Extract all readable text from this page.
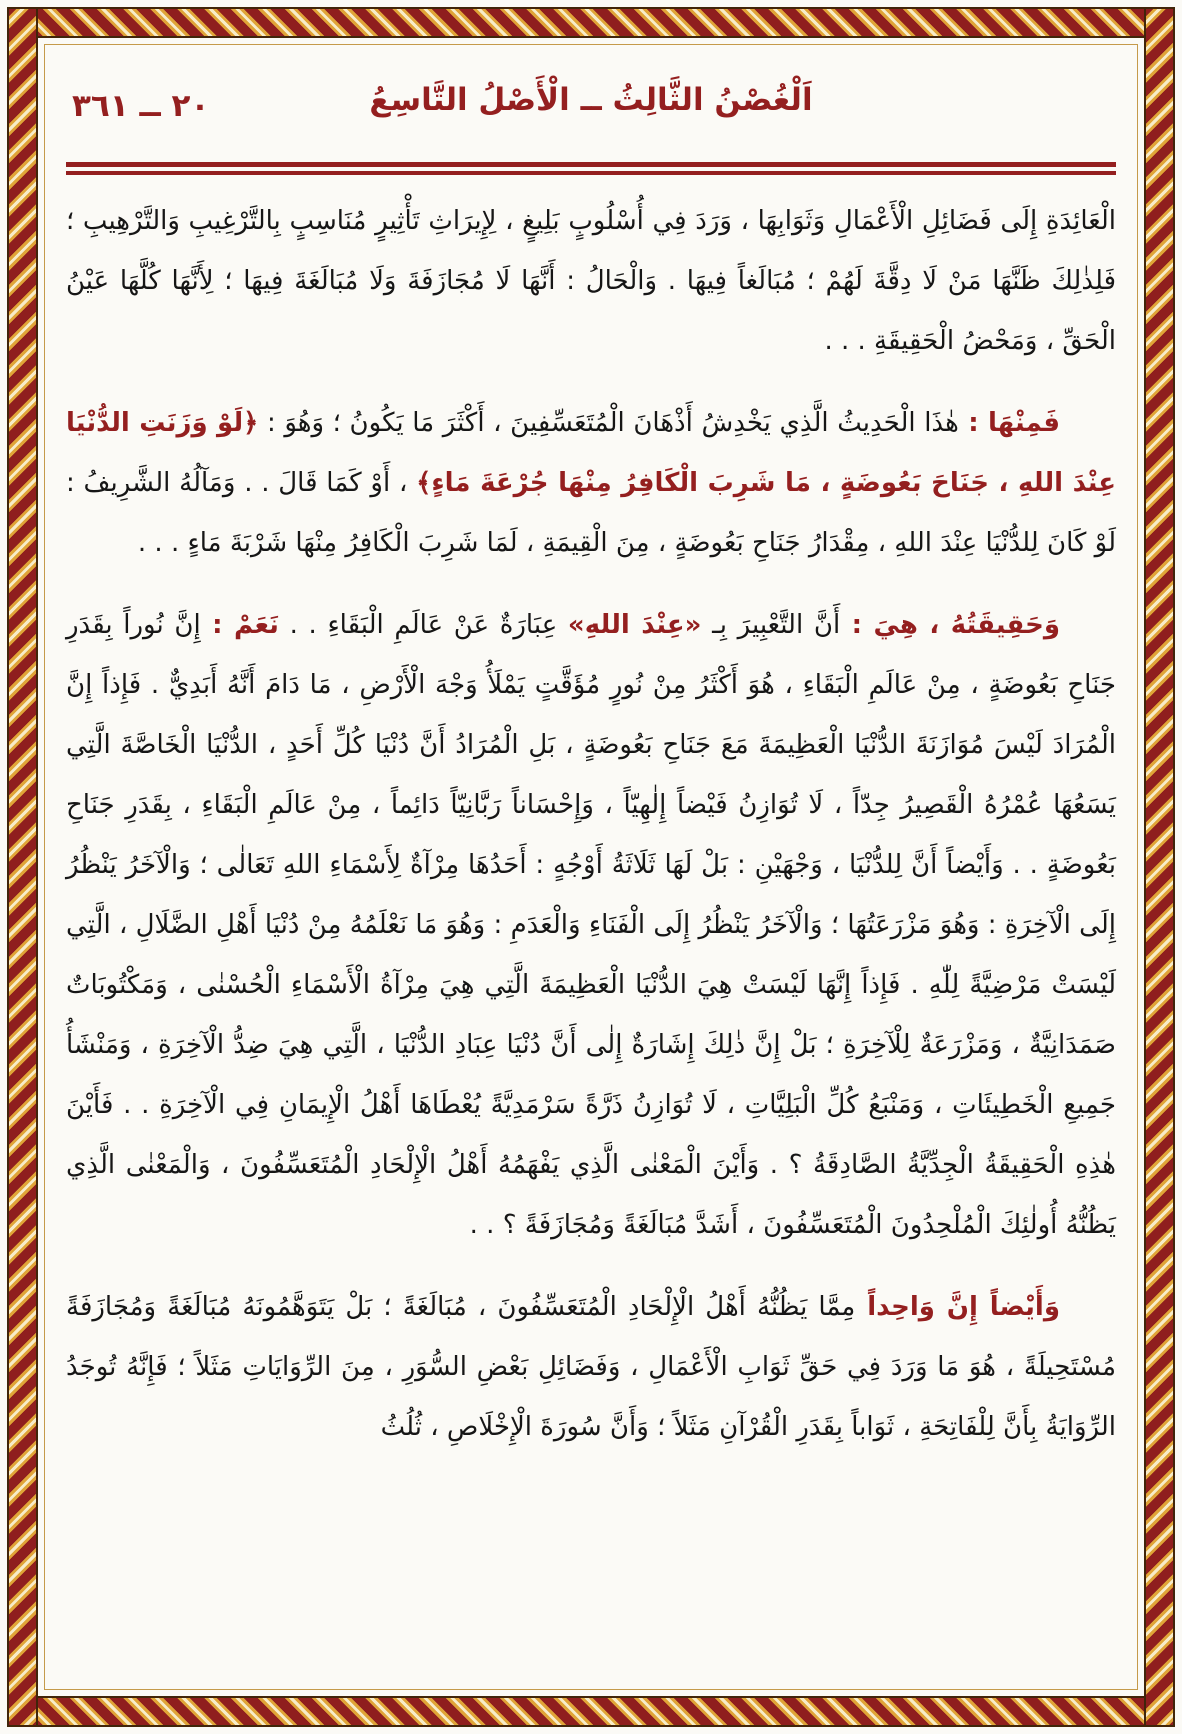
٢٠ ــ ٣٦١	اَلْغُصْنُ الثَّالِثُ ــ الْأَصْلُ التَّاسِعُ

الْعَائِدَةِ إِلَى فَضَائِلِ الْأَعْمَالِ وَثَوَابِهَا ، وَرَدَ فِي أُسْلُوبٍ بَلِيغٍ ، لِإِيرَاثِ تَأْثِيرٍ مُنَاسِبٍ بِالتَّرْغِيبِ وَالتَّرْهِيبِ ؛ فَلِذٰلِكَ ظَنَّهَا مَنْ لَا دِقَّةَ لَهُمْ ؛ مُبَالَغاً فِيهَا . وَالْحَالُ : أَنَّهَا لَا مُجَازَفَةَ وَلَا مُبَالَغَةَ فِيهَا ؛ لِأَنَّهَا كُلَّهَا عَيْنُ الْحَقِّ ، وَمَحْضُ الْحَقِيقَةِ . . .

فَمِنْهَا : هٰذَا الْحَدِيثُ الَّذِي يَخْدِشُ أَذْهَانَ الْمُتَعَسِّفِينَ ، أَكْثَرَ مَا يَكُونُ ؛ وَهُوَ : ﴿لَوْ وَزَنَتِ الدُّنْيَا عِنْدَ اللهِ ، جَنَاحَ بَعُوضَةٍ ، مَا شَرِبَ الْكَافِرُ مِنْهَا جُرْعَةَ مَاءٍ﴾ ، أَوْ كَمَا قَالَ . . وَمَآلُهُ الشَّرِيفُ : لَوْ كَانَ لِلدُّنْيَا عِنْدَ اللهِ ، مِقْدَارُ جَنَاحِ بَعُوضَةٍ ، مِنَ الْقِيمَةِ ، لَمَا شَرِبَ الْكَافِرُ مِنْهَا شَرْبَةَ مَاءٍ . . .

وَحَقِيقَتُهُ ، هِيَ : أَنَّ التَّعْبِيرَ بِـ «عِنْدَ اللهِ» عِبَارَةٌ عَنْ عَالَمِ الْبَقَاءِ . . نَعَمْ : إِنَّ نُوراً بِقَدَرِ جَنَاحِ بَعُوضَةٍ ، مِنْ عَالَمِ الْبَقَاءِ ، هُوَ أَكْثَرُ مِنْ نُورٍ مُؤَقَّتٍ يَمْلَأُ وَجْهَ الْأَرْضِ ، مَا دَامَ أَنَّهُ أَبَدِيٌّ . فَإِذاً إِنَّ الْمُرَادَ لَيْسَ مُوَازَنَةَ الدُّنْيَا الْعَظِيمَةَ مَعَ جَنَاحِ بَعُوضَةٍ ، بَلِ الْمُرَادُ أَنَّ دُنْيَا كُلِّ أَحَدٍ ، الدُّنْيَا الْخَاصَّةَ الَّتِي يَسَعُهَا عُمْرُهُ الْقَصِيرُ جِدّاً ، لَا تُوَازِنُ فَيْضاً إِلٰهِيّاً ، وَإِحْسَاناً رَبَّانِيّاً دَائِماً ، مِنْ عَالَمِ الْبَقَاءِ ، بِقَدَرِ جَنَاحِ بَعُوضَةٍ . . وَأَيْضاً أَنَّ لِلدُّنْيَا ، وَجْهَيْنِ : بَلْ لَهَا ثَلَاثَةُ أَوْجُهٍ : أَحَدُهَا مِرْآةٌ لِأَسْمَاءِ اللهِ تَعَالٰى ؛ وَالْآخَرُ يَنْظُرُ إِلَى الْآخِرَةِ : وَهُوَ مَزْرَعَتُهَا ؛ وَالْآخَرُ يَنْظُرُ إِلَى الْفَنَاءِ وَالْعَدَمِ : وَهُوَ مَا نَعْلَمُهُ مِنْ دُنْيَا أَهْلِ الضَّلَالِ ، الَّتِي لَيْسَتْ مَرْضِيَّةً لِلّٰهِ . فَإِذاً إِنَّهَا لَيْسَتْ هِيَ الدُّنْيَا الْعَظِيمَةَ الَّتِي هِيَ مِرْآةُ الْأَسْمَاءِ الْحُسْنٰى ، وَمَكْتُوبَاتٌ صَمَدَانِيَّةٌ ، وَمَزْرَعَةٌ لِلْآخِرَةِ ؛ بَلْ إِنَّ ذٰلِكَ إِشَارَةٌ إِلٰى أَنَّ دُنْيَا عِبَادِ الدُّنْيَا ، الَّتِي هِيَ ضِدُّ الْآخِرَةِ ، وَمَنْشَأُ جَمِيعِ الْخَطِيئَاتِ ، وَمَنْبَعُ كُلِّ الْبَلِيَّاتِ ، لَا تُوَازِنُ ذَرَّةً سَرْمَدِيَّةً يُعْطَاهَا أَهْلُ الْإِيمَانِ فِي الْآخِرَةِ . . فَأَيْنَ هٰذِهِ الْحَقِيقَةُ الْجِدِّيَّةُ الصَّادِقَةُ ؟ . وَأَيْنَ الْمَعْنٰى الَّذِي يَفْهَمُهُ أَهْلُ الْإِلْحَادِ الْمُتَعَسِّفُونَ ، وَالْمَعْنٰى الَّذِي يَظُنُّهُ أُولٰئِكَ الْمُلْحِدُونَ الْمُتَعَسِّفُونَ ، أَشَدَّ مُبَالَغَةً وَمُجَازَفَةً ؟ . .

وَأَيْضاً إِنَّ وَاحِداً مِمَّا يَظُنُّهُ أَهْلُ الْإِلْحَادِ الْمُتَعَسِّفُونَ ، مُبَالَغَةً ؛ بَلْ يَتَوَهَّمُونَهُ مُبَالَغَةً وَمُجَازَفَةً مُسْتَحِيلَةً ، هُوَ مَا وَرَدَ فِي حَقِّ ثَوَابِ الْأَعْمَالِ ، وَفَضَائِلِ بَعْضِ السُّوَرِ ، مِنَ الرِّوَايَاتِ مَثَلاً ؛ فَإِنَّهُ تُوجَدُ الرِّوَايَةُ بِأَنَّ لِلْفَاتِحَةِ ، ثَوَاباً بِقَدَرِ الْقُرْآنِ مَثَلاً ؛ وَأَنَّ سُورَةَ الْإِخْلَاصِ ، ثُلُثُ
